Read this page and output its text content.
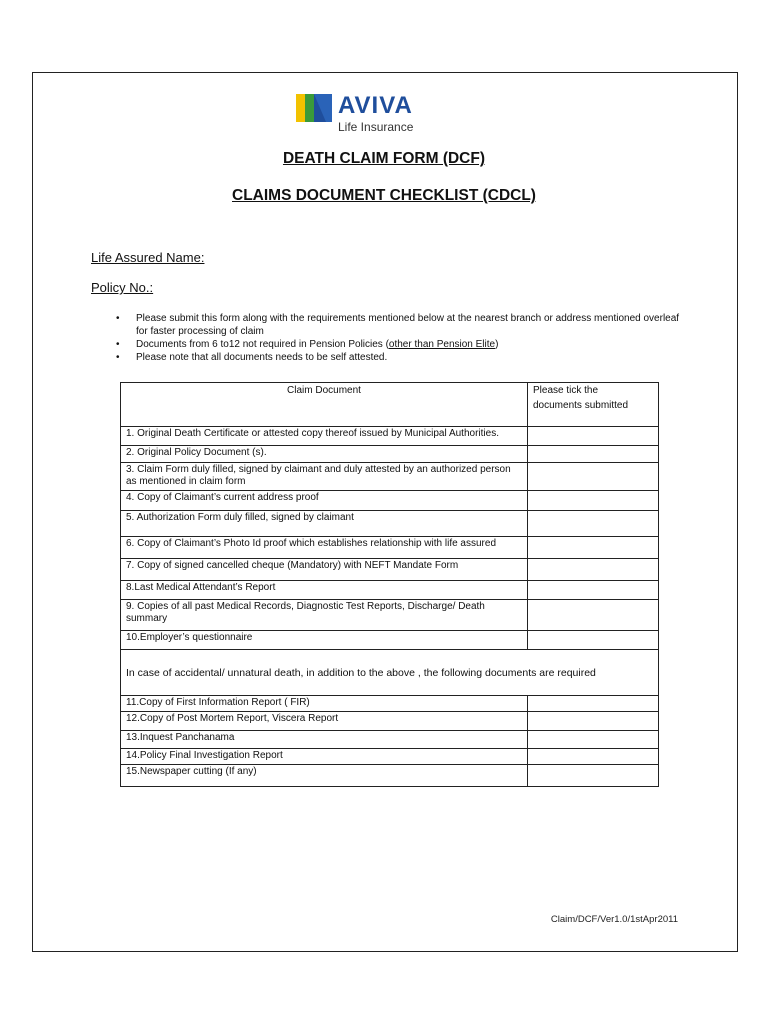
AVIVA
Life Insurance
DEATH CLAIM FORM (DCF)
CLAIMS DOCUMENT CHECKLIST (CDCL)
Life Assured Name:
Policy No.:
• Please submit this form along with the requirements mentioned below at the nearest branch or address mentioned overleaf for faster processing of claim
• Documents from 6 to12 not required in Pension Policies (other than Pension Elite)
• Please note that all documents needs to be self attested.
Claim Document	Please tick the
documents submitted

1. Original Death Certificate or attested copy thereof issued by Municipal Authorities.	
2. Original Policy Document (s).	
3. Claim Form duly filled, signed by claimant and duly attested by an authorized person as mentioned in claim form	
4. Copy of Claimant’s current address proof	
5. Authorization Form duly filled, signed by claimant	
6. Copy of Claimant’s Photo Id proof which establishes relationship with life assured	
7. Copy of signed cancelled cheque (Mandatory) with NEFT Mandate Form	
8.Last Medical Attendant’s Report	
9. Copies of all past Medical Records, Diagnostic Test Reports, Discharge/ Death summary	
10.Employer’s questionnaire	
In case of accidental/ unnatural death, in addition to the above , the following documents are required	
11.Copy of First Information Report ( FIR)	
12.Copy of Post Mortem Report, Viscera Report	
13.Inquest Panchanama	
14.Policy Final Investigation Report	
15.Newspaper cutting (If any)	
Claim/DCF/Ver1.0/1stApr2011
